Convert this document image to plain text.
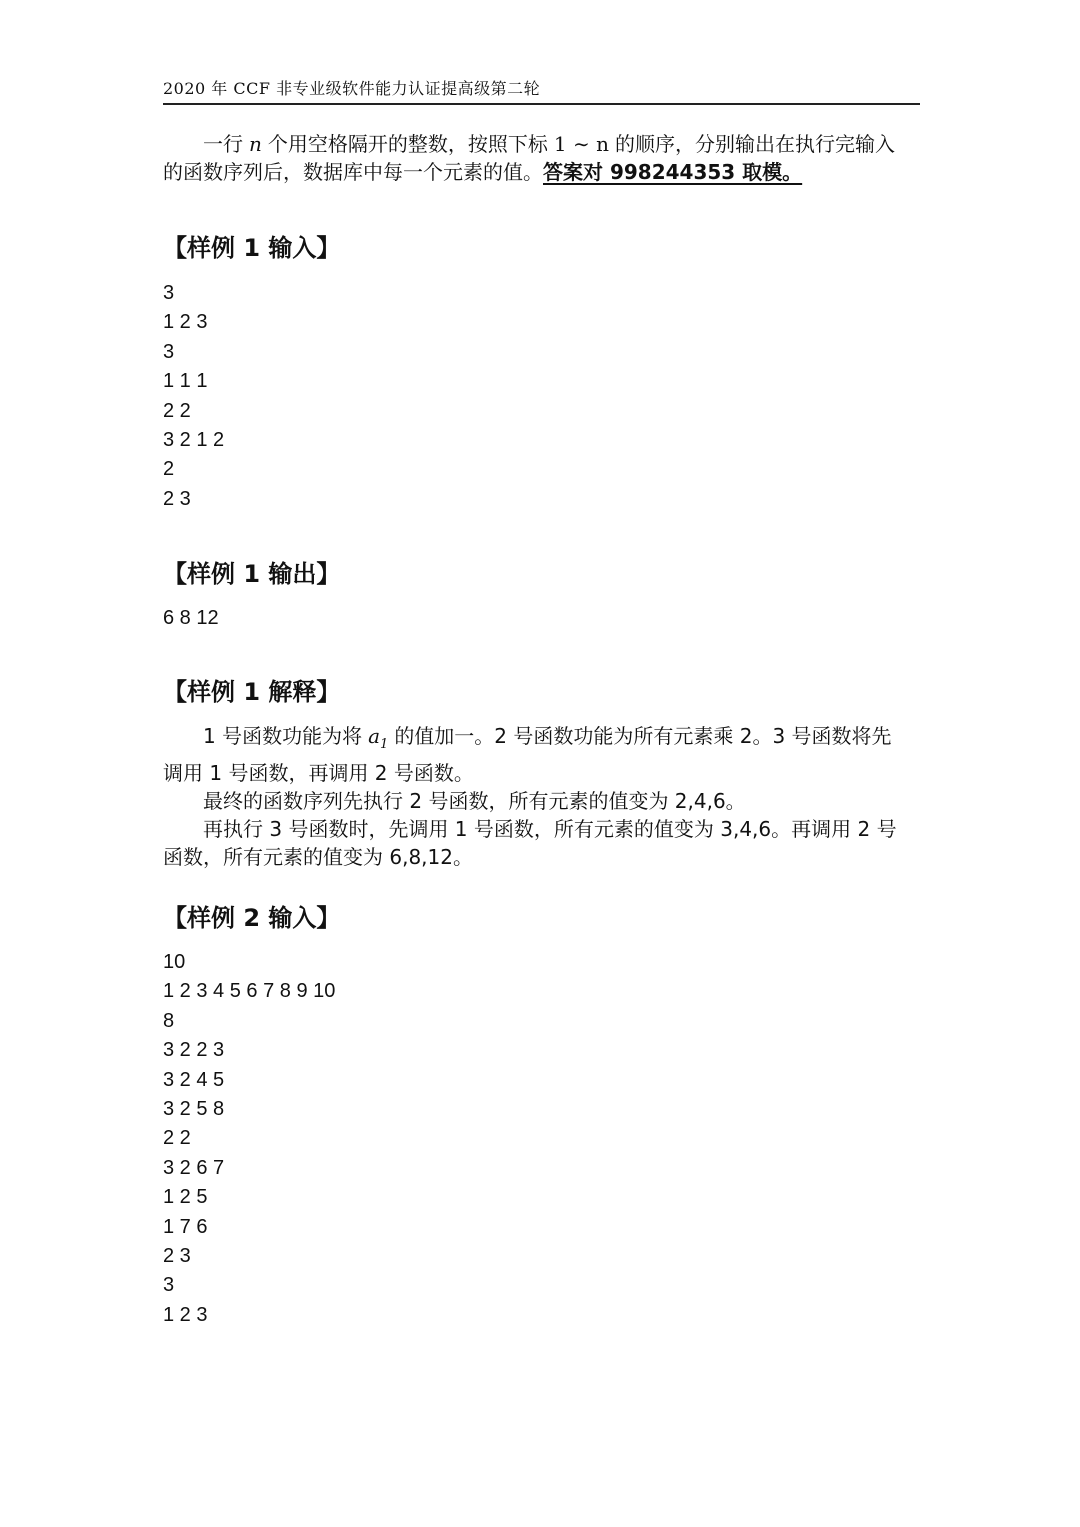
2020 年 CCF 非专业级软件能力认证提高级第二轮
一行 n 个用空格隔开的整数，按照下标 1 ∼ n 的顺序，分别输出在执行完输入的函数序列后，数据库中每一个元素的值。答案对 998244353 取模。
【样例 1 输入】
3
1 2 3
3
1 1 1
2 2
3 2 1 2
2
2 3
【样例 1 输出】
6 8 12
【样例 1 解释】

1 号函数功能为将 $a_1$ 的值加一。2 号函数功能为所有元素乘 2。3 号函数将先调用 1 号函数，再调用 2 号函数。

最终的函数序列先执行 2 号函数，所有元素的值变为 2,4,6。

再执行 3 号函数时，先调用 1 号函数，所有元素的值变为 3,4,6。再调用 2 号函数，所有元素的值变为 6,8,12。

【样例 2 输入】
10
1 2 3 4 5 6 7 8 9 10
8
3 2 2 3
3 2 4 5
3 2 5 8
2 2
3 2 6 7
1 2 5
1 7 6
2 3
3
1 2 3
